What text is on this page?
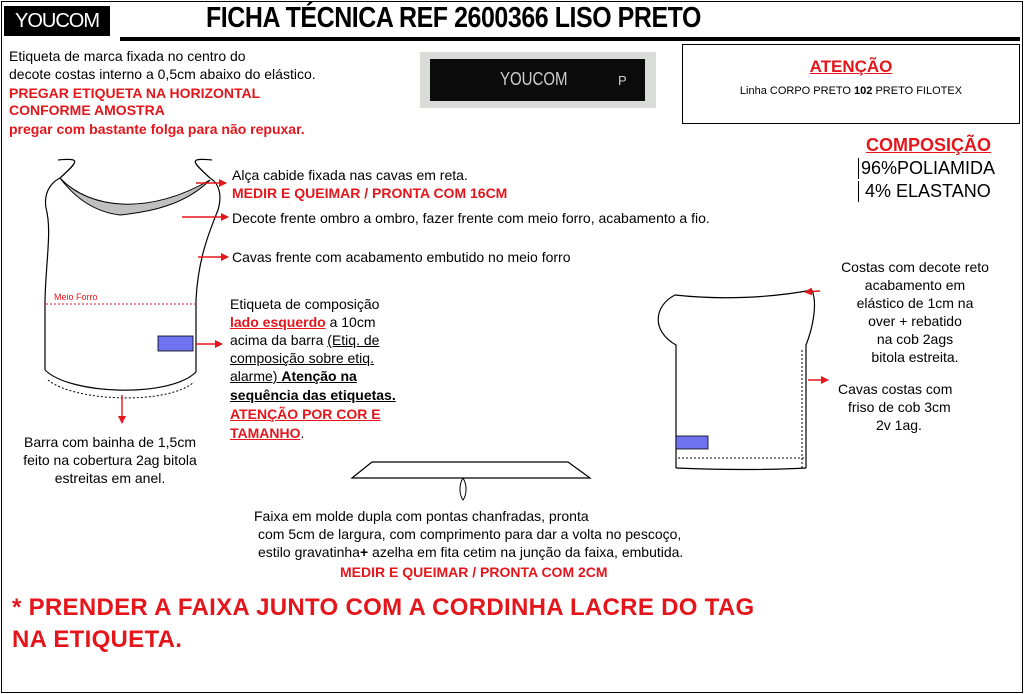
YOUCOM	FICHA TÉCNICA REF 2600366 LISO PRETO
Etiqueta de marca fixada no centro do
decote costas interno a 0,5cm abaixo do elástico.
PREGAR ETIQUETA NA HORIZONTAL
CONFORME AMOSTRA
pregar com bastante folga para não repuxar.
YOUCOM	P
ATENÇÃO
Linha CORPO PRETO 102 PRETO FILOTEX
COMPOSIÇÃO
96%POLIAMIDA
4% ELASTANO
Alça cabide fixada nas cavas em reta.
MEDIR E QUEIMAR / PRONTA COM 16CM
Decote frente ombro a ombro, fazer frente com meio forro, acabamento a fio.
Cavas frente com acabamento embutido no meio forro
Meio Forro	Etiqueta de composição
lado esquerdo a 10cm
acima da barra (Etiq. de
composição sobre etiq.
alarme) Atenção na
sequência das etiquetas.
ATENÇÃO POR COR E
TAMANHO.
Barra com bainha de 1,5cm
feito na cobertura 2ag bitola
estreitas em anel.
Costas com decote reto
acabamento em
elástico de 1cm na
over + rebatido
na cob 2ags
bitola estreita.
Cavas costas com
friso de cob 3cm
2v 1ag.
Faixa em molde dupla com pontas chanfradas, pronta
com 5cm de largura, com comprimento para dar a volta no pescoço,
estilo gravatinha+ azelha em fita cetim na junção da faixa, embutida.
MEDIR E QUEIMAR / PRONTA COM 2CM
* PRENDER A FAIXA JUNTO COM A CORDINHA LACRE DO TAG
NA ETIQUETA.
